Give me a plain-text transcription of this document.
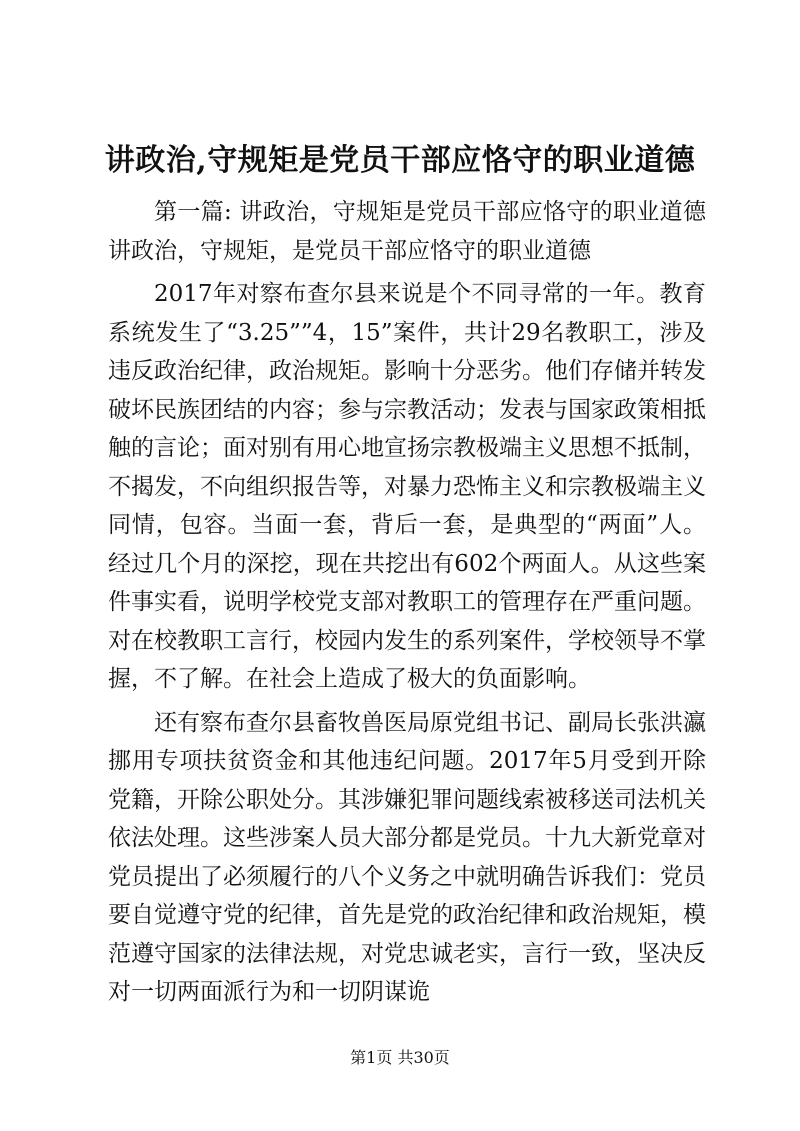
讲政治,守规矩是党员干部应恪守的职业道德

第一篇: 讲政治，守规矩是党员干部应恪守的职业道德讲政治，守规矩，是党员干部应恪守的职业道德

2017年对察布查尔县来说是个不同寻常的一年。教育系统发生了“3.25””4，15”案件，共计29名教职工，涉及违反政治纪律，政治规矩。影响十分恶劣。他们存储并转发破坏民族团结的内容；参与宗教活动；发表与国家政策相抵触的言论；面对别有用心地宣扬宗教极端主义思想不抵制，不揭发，不向组织报告等，对暴力恐怖主义和宗教极端主义同情，包容。当面一套，背后一套，是典型的“两面”人。经过几个月的深挖，现在共挖出有602个两面人。从这些案件事实看，说明学校党支部对教职工的管理存在严重问题。对在校教职工言行，校园内发生的系列案件，学校领导不掌握，不了解。在社会上造成了极大的负面影响。

还有察布查尔县畜牧兽医局原党组书记、副局长张洪瀛挪用专项扶贫资金和其他违纪问题。2017年5月受到开除党籍，开除公职处分。其涉嫌犯罪问题线索被移送司法机关依法处理。这些涉案人员大部分都是党员。十九大新党章对党员提出了必须履行的八个义务之中就明确告诉我们：党员要自觉遵守党的纪律，首先是党的政治纪律和政治规矩，模范遵守国家的法律法规，对党忠诚老实，言行一致，坚决反对一切两面派行为和一切阴谋诡

第1页 共30页
